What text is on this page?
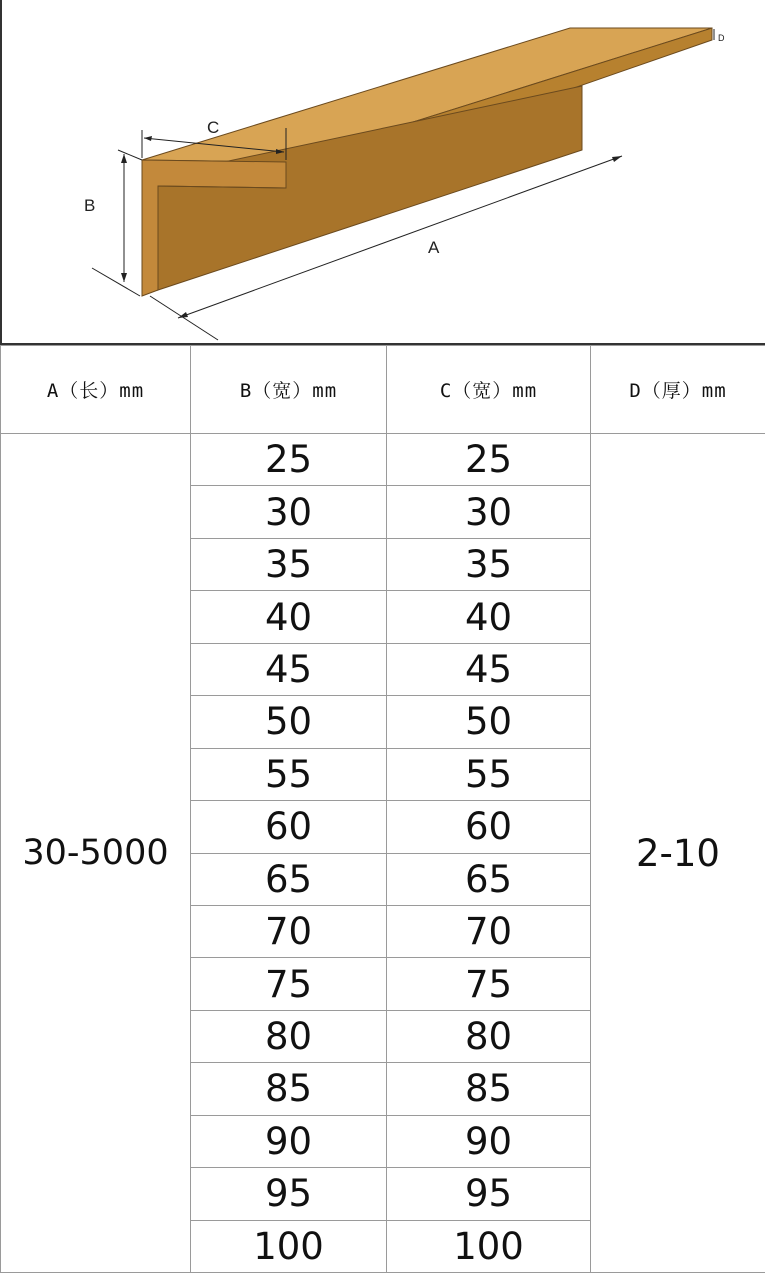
C
B
A
D
A（长）mm	B（宽）mm	C（宽）mm	D（厚）mm
30-5000	25	25	2-10
	30	30	
	35	35	
	40	40	
	45	45	
	50	50	
	55	55	
	60	60	
	65	65	
	70	70	
	75	75	
	80	80	
	85	85	
	90	90	
	95	95	
	100	100	
